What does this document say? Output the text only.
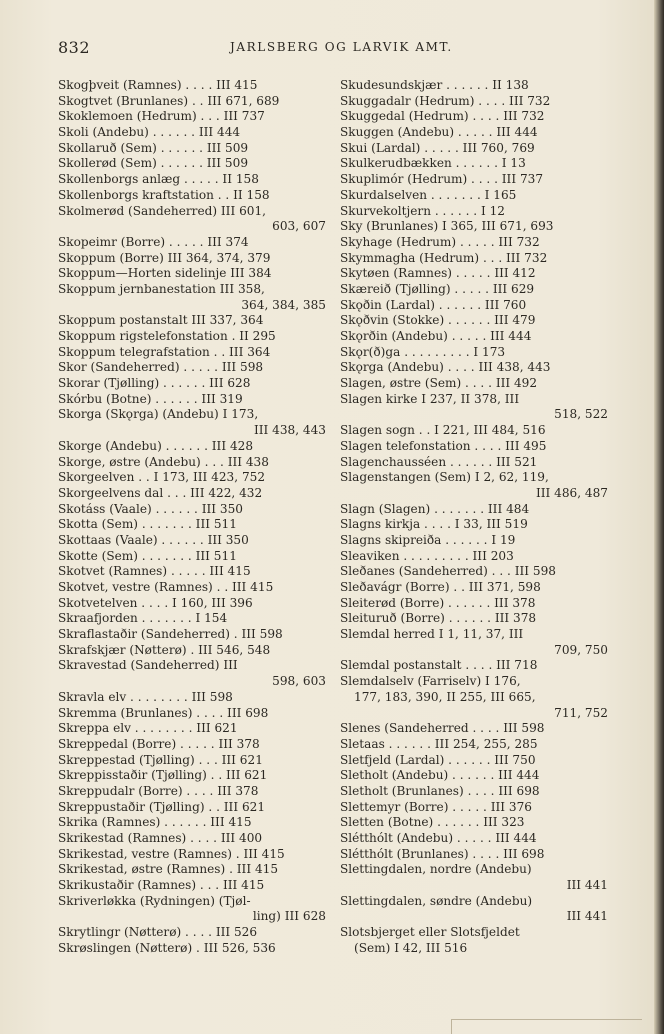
832	JARLSBERG OG LARVIK AMT.
Skogþveit (Ramnes) . . . . III 415
Skogtvet (Brunlanes) . . III 671, 689
Skoklemoen (Hedrum) . . . III 737
Skoli (Andebu) . . . . . . III 444
Skollaruð (Sem) . . . . . . III 509
Skollerød (Sem) . . . . . . III 509
Skollenborgs anlæg . . . . . II 158
Skollenborgs kraftstation . . II 158
Skolmerød (Sandeherred) III 601,
603, 607
Skopeimr (Borre) . . . . . III 374
Skoppum (Borre) III 364, 374, 379
Skoppum—Horten sidelinje III 384
Skoppum jernbanestation III 358,
364, 384, 385
Skoppum postanstalt III 337, 364
Skoppum rigstelefonstation . II 295
Skoppum telegrafstation . . III 364
Skor (Sandeherred) . . . . . III 598
Skorar (Tjølling) . . . . . . III 628
Skórbu (Botne) . . . . . . III 319
Skorga (Skǫrga) (Andebu) I 173,
III 438, 443
Skorge (Andebu) . . . . . . III 428
Skorge, østre (Andebu) . . . III 438
Skorgeelven . . I 173, III 423, 752
Skorgeelvens dal . . . III 422, 432
Skotáss (Vaale) . . . . . . III 350
Skotta (Sem) . . . . . . . III 511
Skottaas (Vaale) . . . . . . III 350
Skotte (Sem) . . . . . . . III 511
Skotvet (Ramnes) . . . . . III 415
Skotvet, vestre (Ramnes) . . III 415
Skotvetelven . . . . I 160, III 396
Skraafjorden . . . . . . . I 154
Skraflastaðir (Sandeherred) . III 598
Skrafskjær (Nøtterø) . III 546, 548
Skravestad (Sandeherred) III
598, 603
Skravla elv . . . . . . . . III 598
Skremma (Brunlanes) . . . . III 698
Skreppa elv . . . . . . . . III 621
Skreppedal (Borre) . . . . . III 378
Skreppestad (Tjølling) . . . III 621
Skreppisstaðir (Tjølling) . . III 621
Skreppudalr (Borre) . . . . III 378
Skreppustaðir (Tjølling) . . III 621
Skrika (Ramnes) . . . . . . III 415
Skrikestad (Ramnes) . . . . III 400
Skrikestad, vestre (Ramnes) . III 415
Skrikestad, østre (Ramnes) . III 415
Skrikustaðir (Ramnes) . . . III 415
Skriverløkka (Rydningen) (Tjøl-
ling) III 628
Skrytlingr (Nøtterø) . . . . III 526
Skrøslingen (Nøtterø) . III 526, 536
Skudesundskjær . . . . . . II 138
Skuggadalr (Hedrum) . . . . III 732
Skuggedal (Hedrum) . . . . III 732
Skuggen (Andebu) . . . . . III 444
Skui (Lardal) . . . . . III 760, 769
Skulkerudbækken . . . . . . I 13
Skuplimór (Hedrum) . . . . III 737
Skurdalselven . . . . . . . I 165
Skurvekoltjern . . . . . . I 12
Sky (Brunlanes) I 365, III 671, 693
Skyhage (Hedrum) . . . . . III 732
Skymmagha (Hedrum) . . . III 732
Skytøen (Ramnes) . . . . . III 412
Skæreið (Tjølling) . . . . . III 629
Skǫðin (Lardal) . . . . . . III 760
Skǫðvin (Stokke) . . . . . . III 479
Skǫrðin (Andebu) . . . . . III 444
Skǫr(ð)ga . . . . . . . . . I 173
Skǫrga (Andebu) . . . . III 438, 443
Slagen, østre (Sem) . . . . III 492
Slagen kirke I 237, II 378, III
518, 522
Slagen sogn . . I 221, III 484, 516
Slagen telefonstation . . . . III 495
Slagenchausséen . . . . . . III 521
Slagenstangen (Sem) I 2, 62, 119,
III 486, 487
Slagn (Slagen) . . . . . . . III 484
Slagns kirkja . . . . I 33, III 519
Slagns skipreiða . . . . . . I 19
Sleaviken . . . . . . . . . III 203
Sleðanes (Sandeherred) . . . III 598
Sleðavágr (Borre) . . III 371, 598
Sleiterød (Borre) . . . . . . III 378
Sleituruð (Borre) . . . . . . III 378
Slemdal herred I 1, 11, 37, III
709, 750
Slemdal postanstalt . . . . III 718
Slemdalselv (Farriselv) I 176,
177, 183, 390, II 255, III 665,
711, 752
Slenes (Sandeherred . . . . III 598
Sletaas . . . . . . III 254, 255, 285
Sletfjeld (Lardal) . . . . . . III 750
Sletholt (Andebu) . . . . . . III 444
Sletholt (Brunlanes) . . . . III 698
Slettemyr (Borre) . . . . . III 376
Sletten (Botne) . . . . . . III 323
Slétthólt (Andebu) . . . . . III 444
Slétthólt (Brunlanes) . . . . III 698
Slettingdalen, nordre (Andebu)
III 441
Slettingdalen, søndre (Andebu)
III 441
Slotsbjerget eller Slotsfjeldet
(Sem) I 42, III 516
